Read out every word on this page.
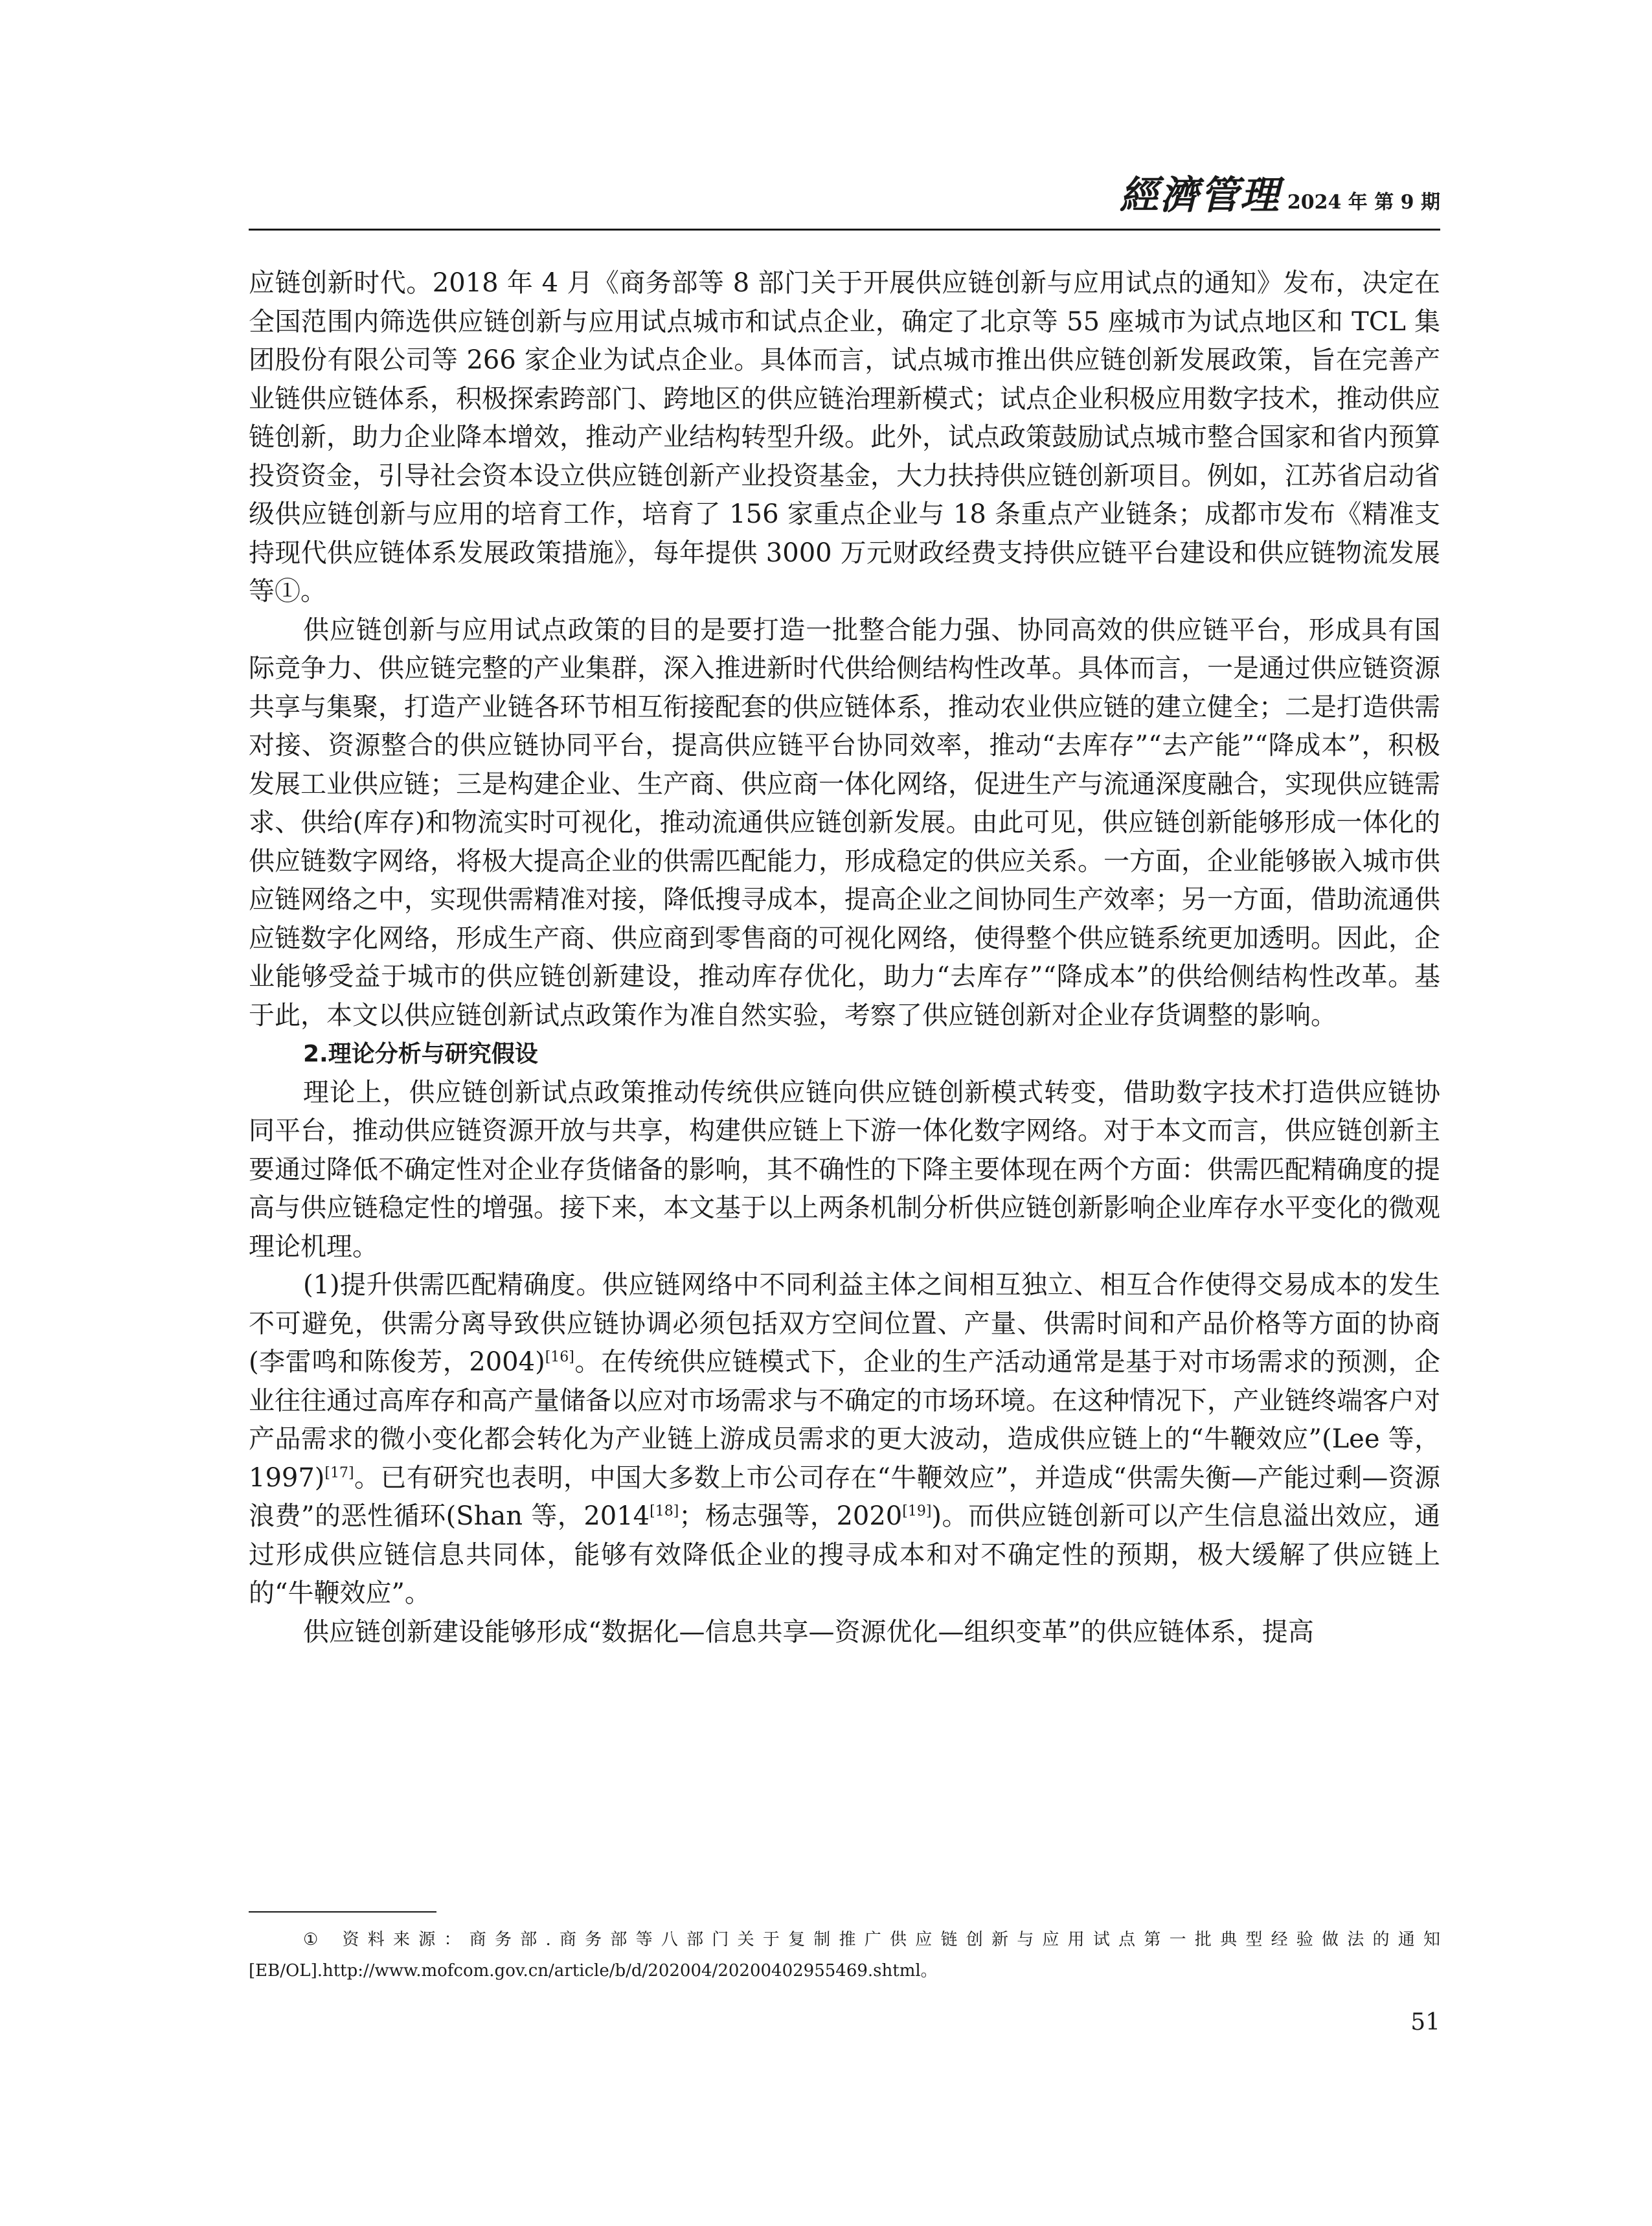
經濟管理 2024 年 第 9 期

应链创新时代。2018 年 4 月《商务部等 8 部门关于开展供应链创新与应用试点的通知》发布，决定在全国范围内筛选供应链创新与应用试点城市和试点企业，确定了北京等 55 座城市为试点地区和 TCL 集团股份有限公司等 266 家企业为试点企业。具体而言，试点城市推出供应链创新发展政策，旨在完善产业链供应链体系，积极探索跨部门、跨地区的供应链治理新模式；试点企业积极应用数字技术，推动供应链创新，助力企业降本增效，推动产业结构转型升级。此外，试点政策鼓励试点城市整合国家和省内预算投资资金，引导社会资本设立供应链创新产业投资基金，大力扶持供应链创新项目。例如，江苏省启动省级供应链创新与应用的培育工作，培育了 156 家重点企业与 18 条重点产业链条；成都市发布《精准支持现代供应链体系发展政策措施》，每年提供 3000 万元财政经费支持供应链平台建设和供应链物流发展等①。

供应链创新与应用试点政策的目的是要打造一批整合能力强、协同高效的供应链平台，形成具有国际竞争力、供应链完整的产业集群，深入推进新时代供给侧结构性改革。具体而言，一是通过供应链资源共享与集聚，打造产业链各环节相互衔接配套的供应链体系，推动农业供应链的建立健全；二是打造供需对接、资源整合的供应链协同平台，提高供应链平台协同效率，推动“去库存”“去产能”“降成本”，积极发展工业供应链；三是构建企业、生产商、供应商一体化网络，促进生产与流通深度融合，实现供应链需求、供给(库存)和物流实时可视化，推动流通供应链创新发展。由此可见，供应链创新能够形成一体化的供应链数字网络，将极大提高企业的供需匹配能力，形成稳定的供应关系。一方面，企业能够嵌入城市供应链网络之中，实现供需精准对接，降低搜寻成本，提高企业之间协同生产效率；另一方面，借助流通供应链数字化网络，形成生产商、供应商到零售商的可视化网络，使得整个供应链系统更加透明。因此，企业能够受益于城市的供应链创新建设，推动库存优化，助力“去库存”“降成本”的供给侧结构性改革。基于此，本文以供应链创新试点政策作为准自然实验，考察了供应链创新对企业存货调整的影响。

2.理论分析与研究假设

理论上，供应链创新试点政策推动传统供应链向供应链创新模式转变，借助数字技术打造供应链协同平台，推动供应链资源开放与共享，构建供应链上下游一体化数字网络。对于本文而言，供应链创新主要通过降低不确定性对企业存货储备的影响，其不确性的下降主要体现在两个方面：供需匹配精确度的提高与供应链稳定性的增强。接下来，本文基于以上两条机制分析供应链创新影响企业库存水平变化的微观理论机理。

(1)提升供需匹配精确度。供应链网络中不同利益主体之间相互独立、相互合作使得交易成本的发生不可避免，供需分离导致供应链协调必须包括双方空间位置、产量、供需时间和产品价格等方面的协商(李雷鸣和陈俊芳，2004)[16]。在传统供应链模式下，企业的生产活动通常是基于对市场需求的预测，企业往往通过高库存和高产量储备以应对市场需求与不确定的市场环境。在这种情况下，产业链终端客户对产品需求的微小变化都会转化为产业链上游成员需求的更大波动，造成供应链上的“牛鞭效应”(Lee 等，1997)[17]。已有研究也表明，中国大多数上市公司存在“牛鞭效应”，并造成“供需失衡—产能过剩—资源浪费”的恶性循环(Shan 等，2014[18]；杨志强等，2020[19])。而供应链创新可以产生信息溢出效应，通过形成供应链信息共同体，能够有效降低企业的搜寻成本和对不确定性的预期，极大缓解了供应链上的“牛鞭效应”。

供应链创新建设能够形成“数据化—信息共享—资源优化—组织变革”的供应链体系，提高

① 资料来源：商务部.商务部等八部门关于复制推广供应链创新与应用试点第一批典型经验做法的通知[EB/OL].http://www.mofcom.gov.cn/article/b/d/202004/20200402955469.shtml。
51
